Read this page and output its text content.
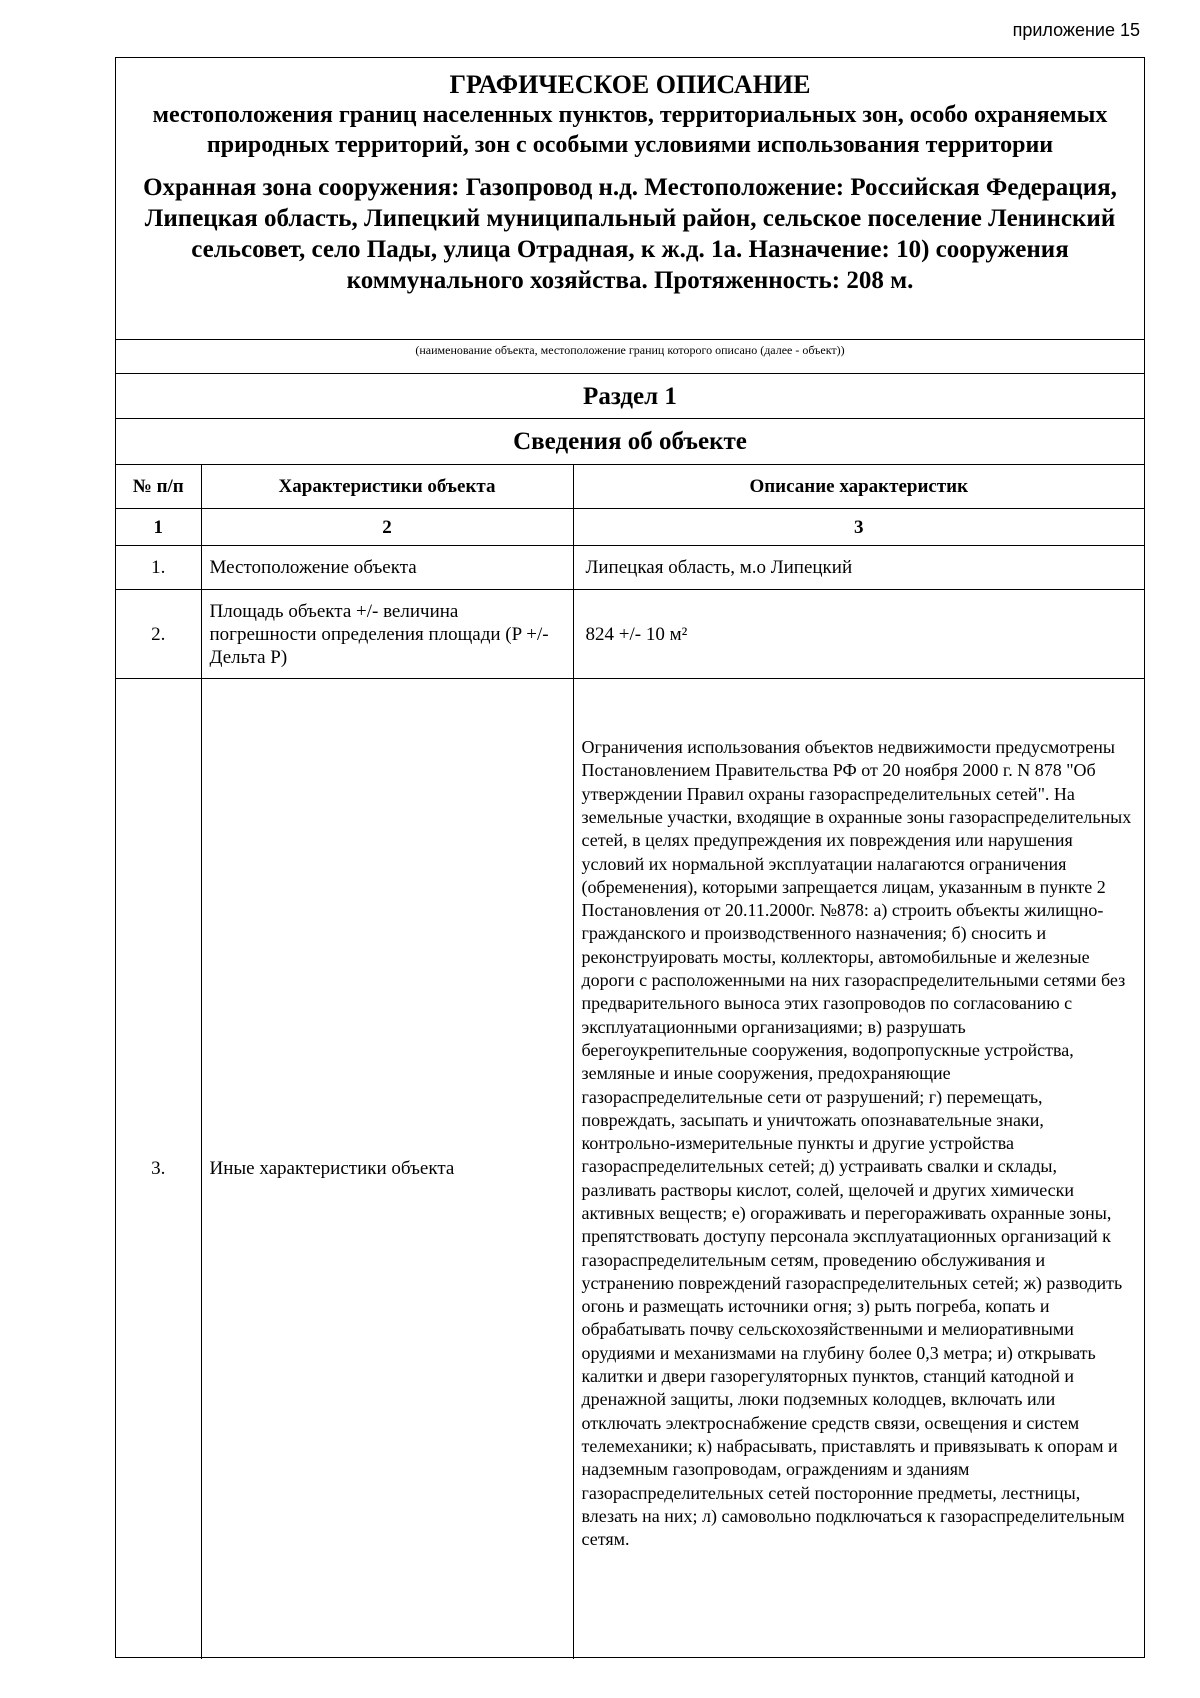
приложение 15
ГРАФИЧЕСКОЕ ОПИСАНИЕ
местоположения границ населенных пунктов, территориальных зон, особо охраняемых природных территорий, зон с особыми условиями использования территории
Охранная зона сооружения: Газопровод н.д. Местоположение: Российская Федерация, Липецкая область, Липецкий муниципальный район, сельское поселение Ленинский сельсовет, село Пады, улица Отрадная, к ж.д. 1а. Назначение: 10) сооружения коммунального хозяйства. Протяженность: 208 м.
(наименование объекта, местоположение границ которого описано (далее - объект))
Раздел 1
Сведения об объекте
№ п/п	Характеристики объекта	Описание характеристик
1	2	3
1.	Местоположение объекта	Липецкая область, м.о Липецкий
2.	Площадь объекта +/- величина погрешности определения площади (P +/- Дельта P)	824 +/- 10 м²
3.	Иные характеристики объекта	Ограничения использования объектов недвижимости предусмотрены Постановлением Правительства РФ от 20 ноября 2000 г. N 878 "Об утверждении Правил охраны газораспределительных сетей". На земельные участки, входящие в охранные зоны газораспределительных сетей, в целях предупреждения их повреждения или нарушения условий их нормальной эксплуатации налагаются ограничения (обременения), которыми запрещается лицам, указанным в пункте 2 Постановления от 20.11.2000г. №878: а) строить объекты жилищно-гражданского и производственного назначения; б) сносить и реконструировать мосты, коллекторы, автомобильные и железные дороги с расположенными на них газораспределительными сетями без предварительного выноса этих газопроводов по согласованию с эксплуатационными организациями; в) разрушать берегоукрепительные сооружения, водопропускные устройства, земляные и иные сооружения, предохраняющие газораспределительные сети от разрушений; г) перемещать, повреждать, засыпать и уничтожать опознавательные знаки, контрольно-измерительные пункты и другие устройства газораспределительных сетей; д) устраивать свалки и склады, разливать растворы кислот, солей, щелочей и других химически активных веществ; е) огораживать и перегораживать охранные зоны, препятствовать доступу персонала эксплуатационных организаций к газораспределительным сетям, проведению обслуживания и устранению повреждений газораспределительных сетей; ж) разводить огонь и размещать источники огня; з) рыть погреба, копать и обрабатывать почву сельскохозяйственными и мелиоративными орудиями и механизмами на глубину более 0,3 метра; и) открывать калитки и двери газорегуляторных пунктов, станций катодной и дренажной защиты, люки подземных колодцев, включать или отключать электроснабжение средств связи, освещения и систем телемеханики; к) набрасывать, приставлять и привязывать к опорам и надземным газопроводам, ограждениям и зданиям газораспределительных сетей посторонние предметы, лестницы, влезать на них; л) самовольно подключаться к газораспределительным сетям.
